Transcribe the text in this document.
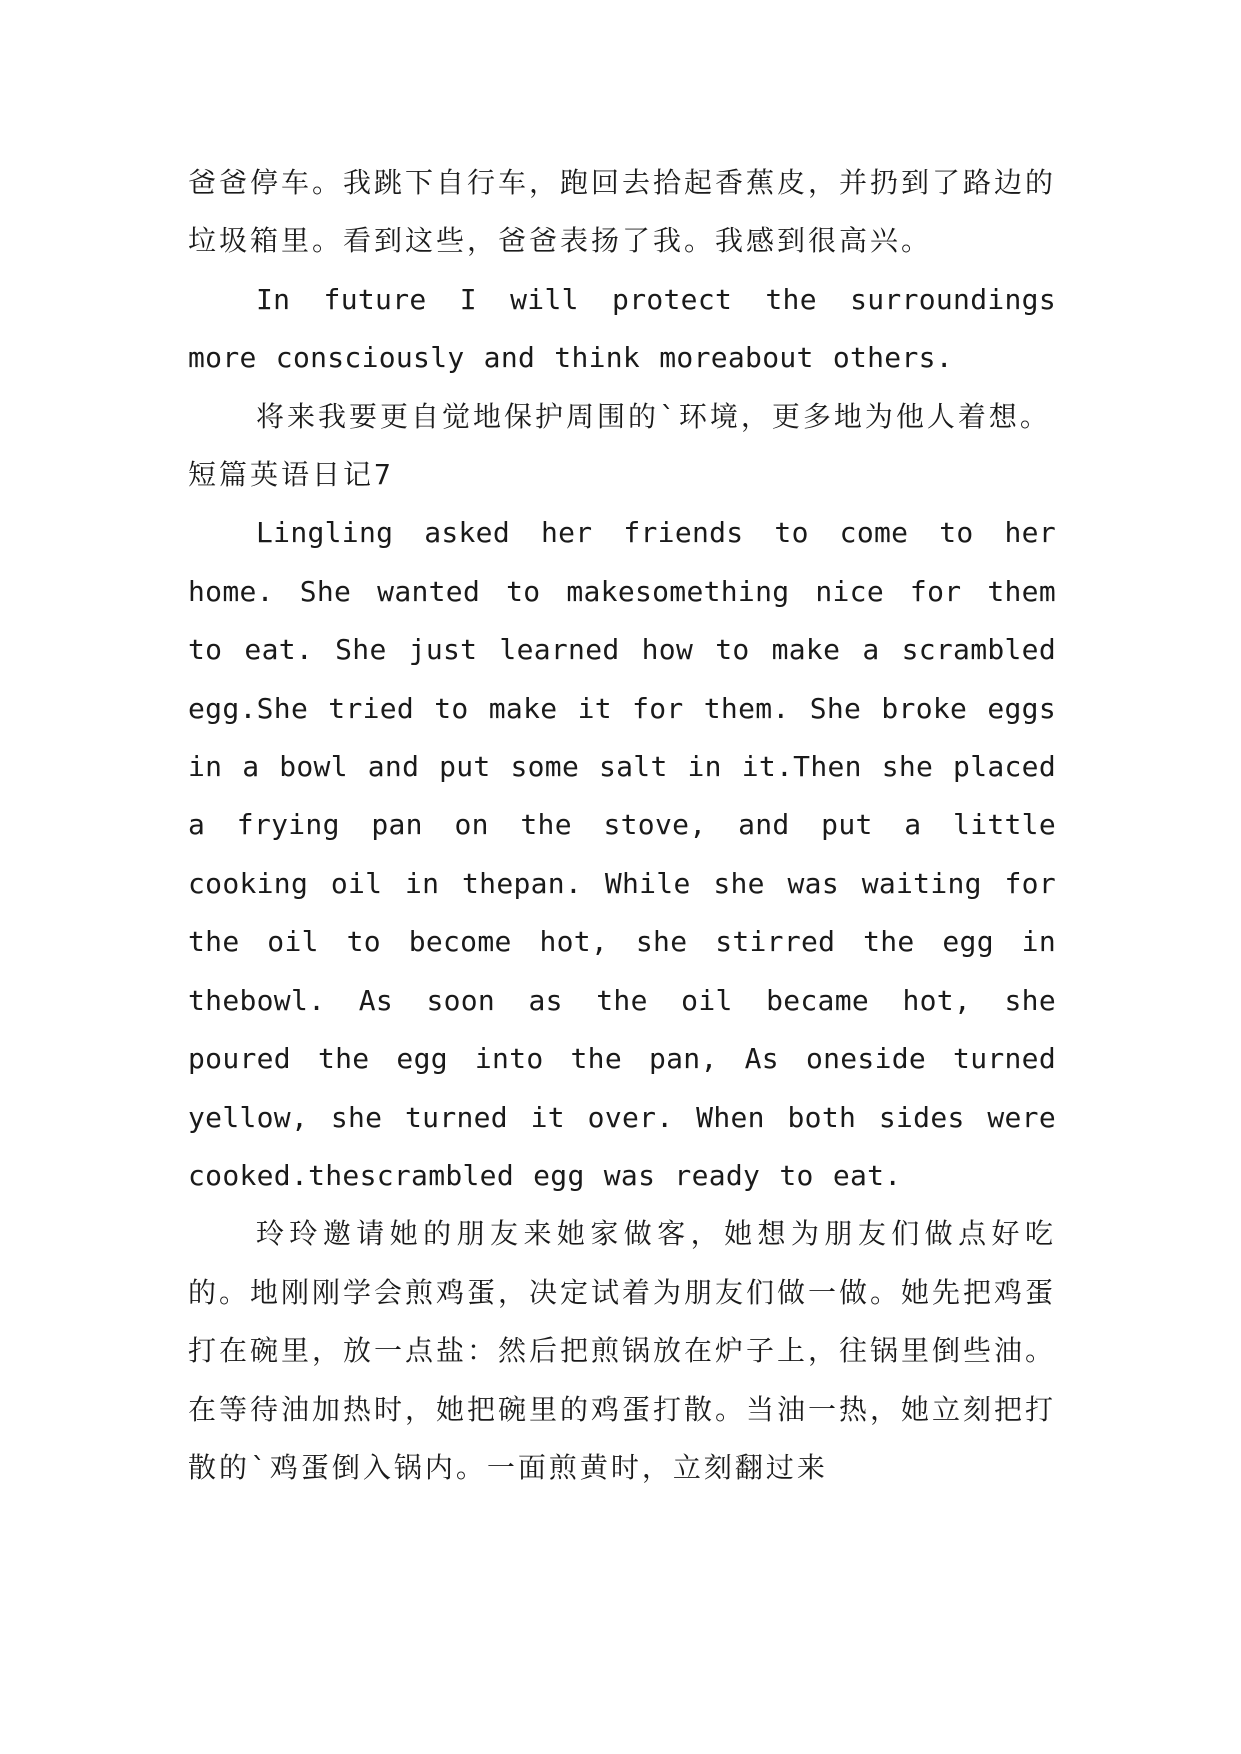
爸爸停车。我跳下自行车，跑回去拾起香蕉皮，并扔到了路边的垃圾箱里。看到这些，爸爸表扬了我。我感到很高兴。

In future I will protect the surroundings more consciously and think moreabout others.

将来我要更自觉地保护周围的`环境，更多地为他人着想。

短篇英语日记7

Lingling asked her friends to come to her home. She wanted to makesomething nice for them to eat. She just learned how to make a scrambled egg.She tried to make it for them. She broke eggs in a bowl and put some salt in it.Then she placed a frying pan on the stove, and put a little cooking oil in thepan. While she was waiting for the oil to become hot, she stirred the egg in thebowl. As soon as the oil became hot, she poured the egg into the pan, As oneside turned yellow, she turned it over. When both sides were cooked.thescrambled egg was ready to eat.

玲玲邀请她的朋友来她家做客，她想为朋友们做点好吃的。地刚刚学会煎鸡蛋，决定试着为朋友们做一做。她先把鸡蛋打在碗里，放一点盐：然后把煎锅放在炉子上，往锅里倒些油。在等待油加热时，她把碗里的鸡蛋打散。当油一热，她立刻把打散的`鸡蛋倒入锅内。一面煎黄时，立刻翻过来
